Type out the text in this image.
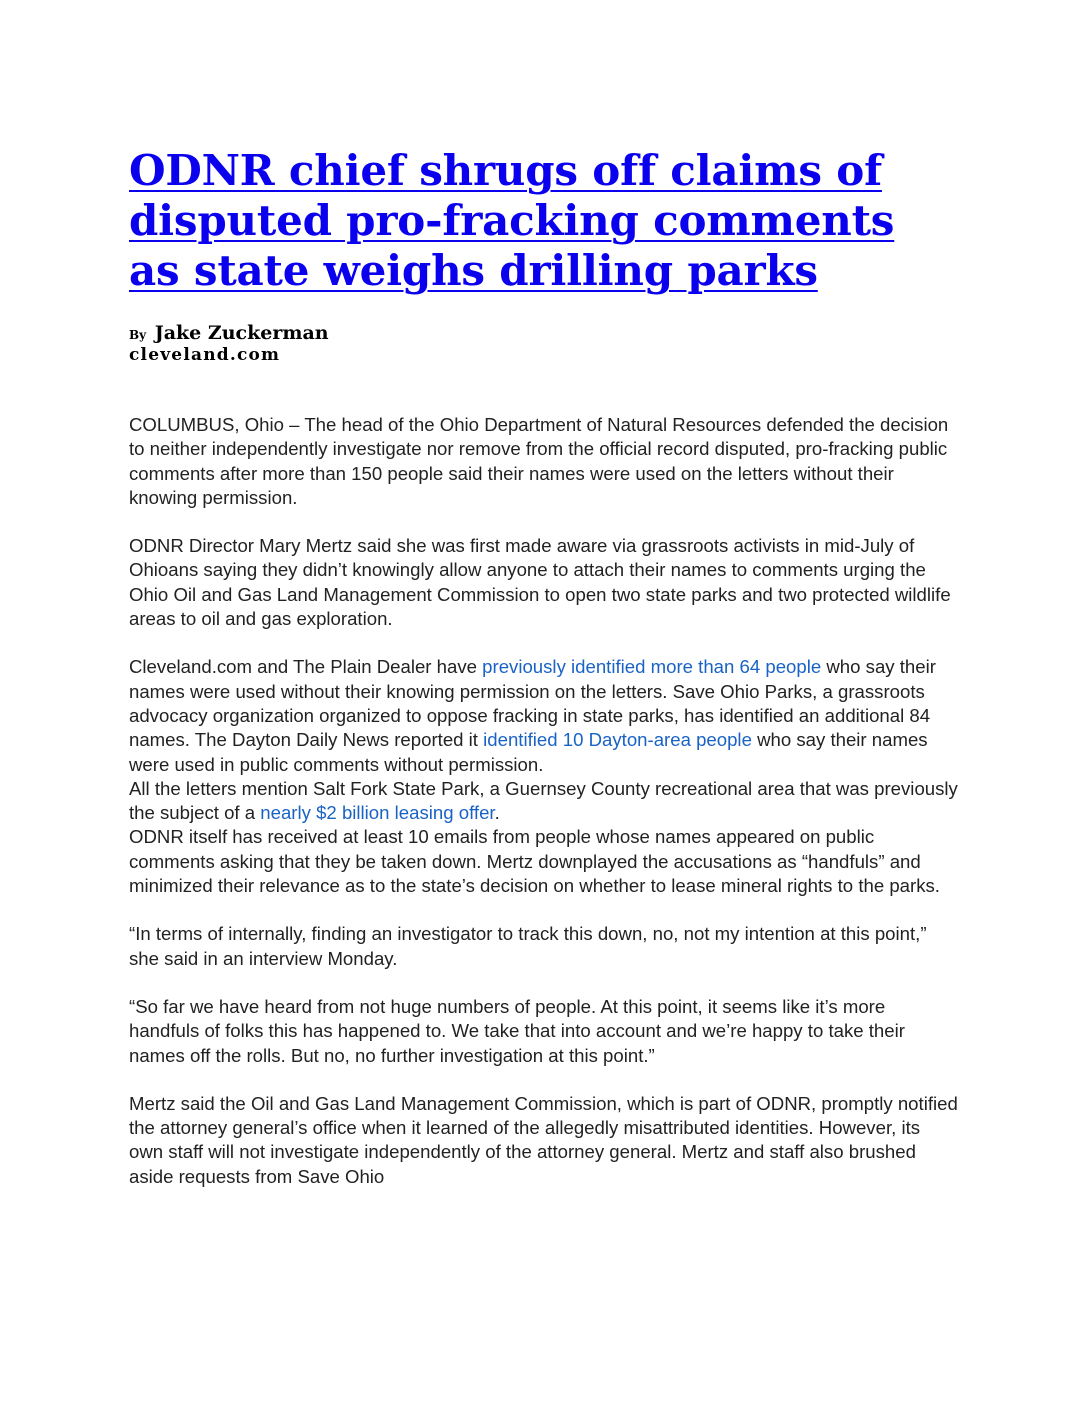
ODNR chief shrugs off claims of disputed pro-fracking comments as state weighs drilling parks
By Jake Zuckerman
cleveland.com

COLUMBUS, Ohio – The head of the Ohio Department of Natural Resources defended the decision to neither independently investigate nor remove from the official record disputed, pro-fracking public comments after more than 150 people said their names were used on the letters without their knowing permission.

ODNR Director Mary Mertz said she was first made aware via grassroots activists in mid-July of Ohioans saying they didn’t knowingly allow anyone to attach their names to comments urging the Ohio Oil and Gas Land Management Commission to open two state parks and two protected wildlife areas to oil and gas exploration.

Cleveland.com and The Plain Dealer have previously identified more than 64 people who say their names were used without their knowing permission on the letters. Save Ohio Parks, a grassroots advocacy organization organized to oppose fracking in state parks, has identified an additional 84 names. The Dayton Daily News reported it identified 10 Dayton-area people who say their names were used in public comments without permission.

All the letters mention Salt Fork State Park, a Guernsey County recreational area that was previously the subject of a nearly $2 billion leasing offer.

ODNR itself has received at least 10 emails from people whose names appeared on public comments asking that they be taken down. Mertz downplayed the accusations as “handfuls” and minimized their relevance as to the state’s decision on whether to lease mineral rights to the parks.

“In terms of internally, finding an investigator to track this down, no, not my intention at this point,” she said in an interview Monday.

“So far we have heard from not huge numbers of people. At this point, it seems like it’s more handfuls of folks this has happened to. We take that into account and we’re happy to take their names off the rolls. But no, no further investigation at this point.”

Mertz said the Oil and Gas Land Management Commission, which is part of ODNR, promptly notified the attorney general’s office when it learned of the allegedly misattributed identities. However, its own staff will not investigate independently of the attorney general. Mertz and staff also brushed aside requests from Save Ohio
